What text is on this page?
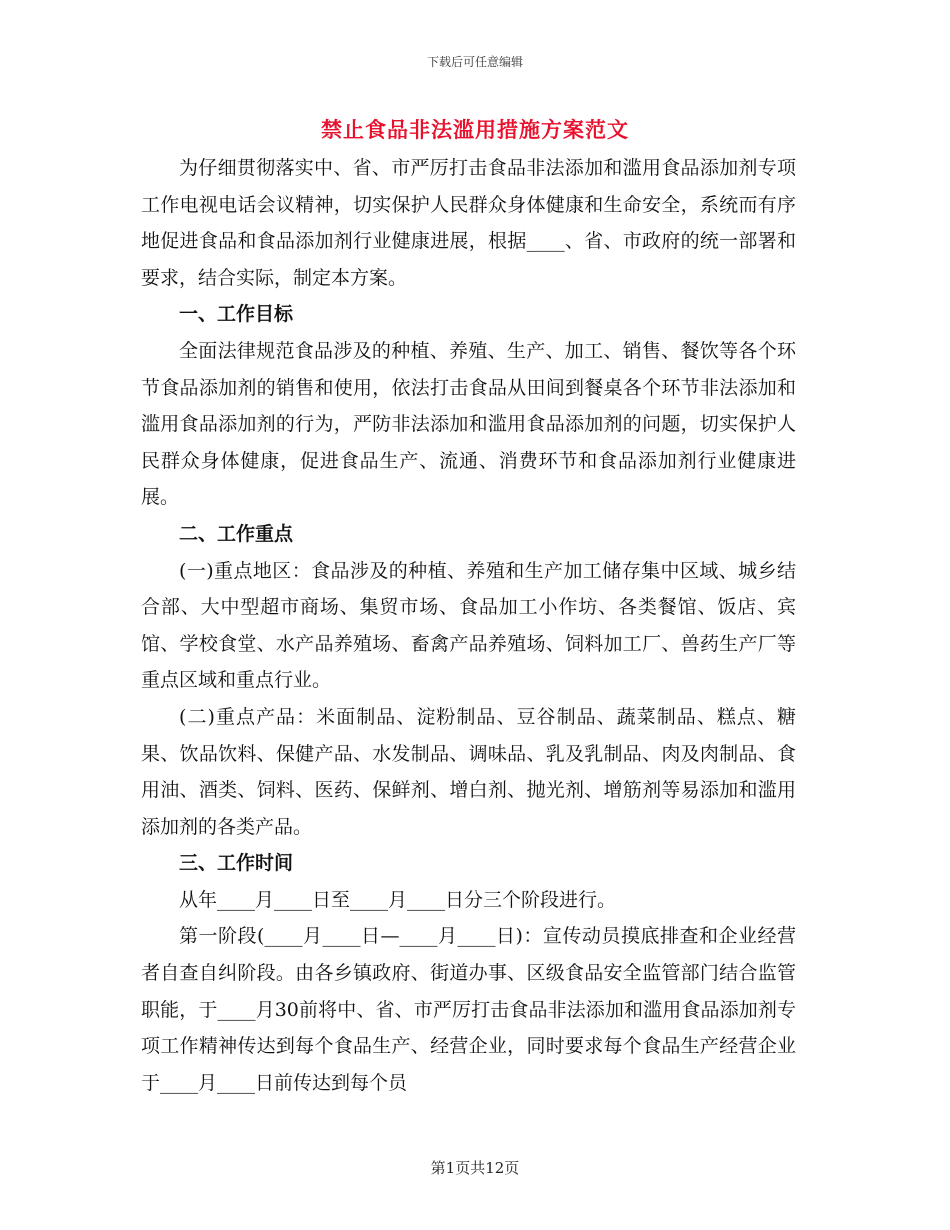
下载后可任意编辑
禁止食品非法滥用措施方案范文

为仔细贯彻落实中、省、市严厉打击食品非法添加和滥用食品添加剂专项工作电视电话会议精神，切实保护人民群众身体健康和生命安全，系统而有序地促进食品和食品添加剂行业健康进展，根据____、省、市政府的统一部署和要求，结合实际，制定本方案。

一、工作目标

全面法律规范食品涉及的种植、养殖、生产、加工、销售、餐饮等各个环节食品添加剂的销售和使用，依法打击食品从田间到餐桌各个环节非法添加和滥用食品添加剂的行为，严防非法添加和滥用食品添加剂的问题，切实保护人民群众身体健康，促进食品生产、流通、消费环节和食品添加剂行业健康进展。

二、工作重点

(一)重点地区：食品涉及的种植、养殖和生产加工储存集中区域、城乡结合部、大中型超市商场、集贸市场、食品加工小作坊、各类餐馆、饭店、宾馆、学校食堂、水产品养殖场、畜禽产品养殖场、饲料加工厂、兽药生产厂等重点区域和重点行业。

(二)重点产品：米面制品、淀粉制品、豆谷制品、蔬菜制品、糕点、糖果、饮品饮料、保健产品、水发制品、调味品、乳及乳制品、肉及肉制品、食用油、酒类、饲料、医药、保鲜剂、增白剂、抛光剂、增筋剂等易添加和滥用添加剂的各类产品。

三、工作时间

从年____月____日至____月____日分三个阶段进行。

第一阶段(____月____日—____月____日)：宣传动员摸底排查和企业经营者自查自纠阶段。由各乡镇政府、街道办事、区级食品安全监管部门结合监管职能，于____月30前将中、省、市严厉打击食品非法添加和滥用食品添加剂专项工作精神传达到每个食品生产、经营企业，同时要求每个食品生产经营企业于____月____日前传达到每个员

第1页共12页
